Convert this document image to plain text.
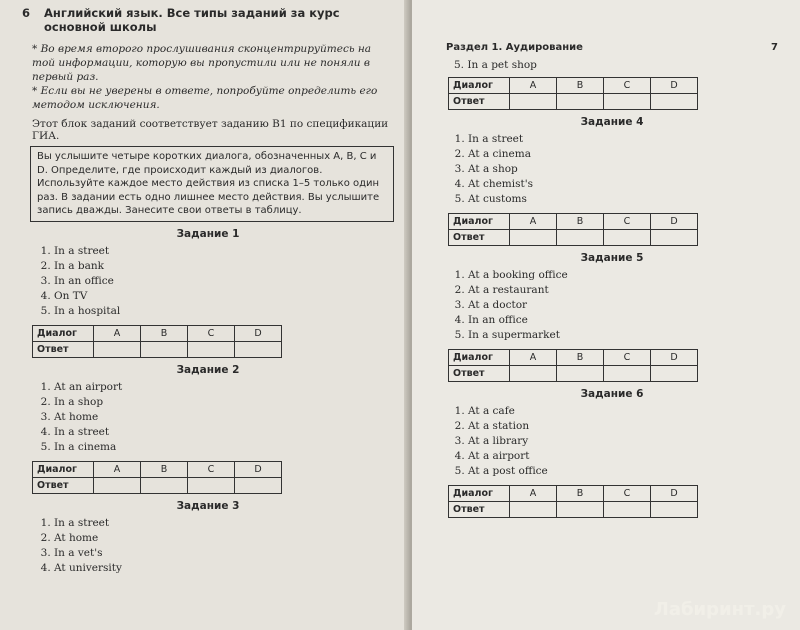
6 Английский язык. Все типы заданий за курс основной школы
* Во время второго прослушивания сконцентрируйтесь на той информации, которую вы пропустили или не поняли в первый раз.
* Если вы не уверены в ответе, попробуйте определить его методом исключения.
Этот блок заданий соответствует заданию B1 по спецификации ГИА.
Вы услышите четыре коротких диалога, обозначенных А, B, C и D. Определите, где происходит каждый из диалогов. Используйте каждое место действия из списка 1–5 только один раз. В задании есть одно лишнее место действия. Вы услышите запись дважды. Занесите свои ответы в таблицу.
Задание 1
1. In a street
2. In a bank
3. In an office
4. On TV
5. In a hospital
Диалог	A	B	C	D
Ответ				
Задание 2
1. At an airport
2. In a shop
3. At home
4. In a street
5. In a cinema
Диалог	A	B	C	D
Ответ				
Задание 3
1. In a street
2. At home
3. In a vet's
4. At university
Раздел 1. Аудирование	7
5. In a pet shop
Диалог	A	B	C	D
Ответ				
Задание 4
1. In a street
2. At a cinema
3. At a shop
4. At chemist's
5. At customs
Диалог	A	B	C	D
Ответ				
Задание 5
1. At a booking office
2. At a restaurant
3. At a doctor
4. In an office
5. In a supermarket
Диалог	A	B	C	D
Ответ				
Задание 6
1. At a cafe
2. At a station
3. At a library
4. At a airport
5. At a post office
Диалог	A	B	C	D
Ответ				
Лабиринт.ру
